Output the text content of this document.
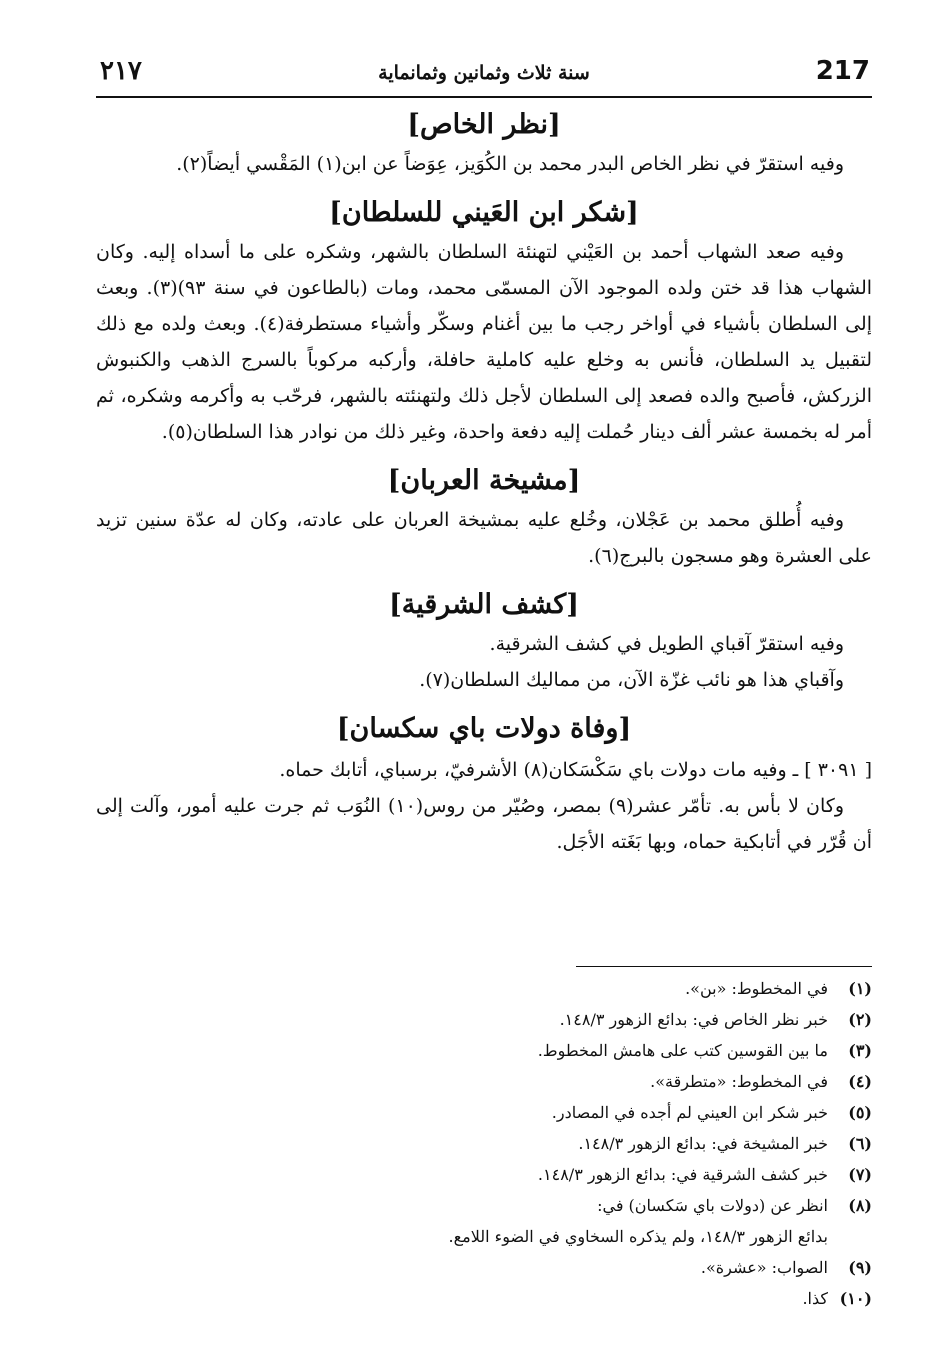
217
سنة ثلاث وثمانين وثمانماية
٢١٧
[نظر الخاص]

وفيه استقرّ في نظر الخاص البدر محمد بن الكُوَيز، عِوَضاً عن ابن(١) المَقْسي أيضاً(٢).

[شكر ابن العَيني للسلطان]

وفيه صعد الشهاب أحمد بن العَيْني لتهنئة السلطان بالشهر، وشكره على ما أسداه إليه. وكان الشهاب هذا قد ختن ولده الموجود الآن المسمّى محمد، ومات (بالطاعون في سنة ٩٣)(٣). وبعث إلى السلطان بأشياء في أواخر رجب ما بين أغنام وسكّر وأشياء مستطرفة(٤). وبعث ولده مع ذلك لتقبيل يد السلطان، فأنس به وخلع عليه كاملية حافلة، وأركبه مركوباً بالسرج الذهب والكنبوش الزركش، فأصبح والده فصعد إلى السلطان لأجل ذلك ولتهنئته بالشهر، فرحّب به وأكرمه وشكره، ثم أمر له بخمسة عشر ألف دينار حُملت إليه دفعة واحدة، وغير ذلك من نوادر هذا السلطان(٥).

[مشيخة العربان]

وفيه أُطلق محمد بن عَجْلان، وخُلع عليه بمشيخة العربان على عادته، وكان له عدّة سنين تزيد على العشرة وهو مسجون بالبرج(٦).

[كشف الشرقية]

وفيه استقرّ آقباي الطويل في كشف الشرقية.

وآقباي هذا هو نائب غزّة الآن، من مماليك السلطان(٧).

[وفاة دولات باي سكسان]

[ ٣٠٩١ ] ـ وفيه مات دولات باي سَكْسَكان(٨) الأشرفيّ، برسباي، أتابك حماه.

وكان لا بأس به. تأمّر عشر(٩) بمصر، وصُيّر من روس(١٠) النُوَب ثم جرت عليه أمور، وآلت إلى أن قُرّر في أتابكية حماه، وبها بَغَته الأجَل.

(١)
في المخطوط: «بن».
(٢)
خبر نظر الخاص في: بدائع الزهور ١٤٨/٣.
(٣)
ما بين القوسين كتب على هامش المخطوط.
(٤)
في المخطوط: «متطرقة».
(٥)
خبر شكر ابن العيني لم أجده في المصادر.
(٦)
خبر المشيخة في: بدائع الزهور ١٤٨/٣.
(٧)
خبر كشف الشرقية في: بدائع الزهور ١٤٨/٣.
(٨)
انظر عن (دولات باي سَكسان) في:
بدائع الزهور ١٤٨/٣، ولم يذكره السخاوي في الضوء اللامع.
(٩)
الصواب: «عشرة».
(١٠)
كذا.
